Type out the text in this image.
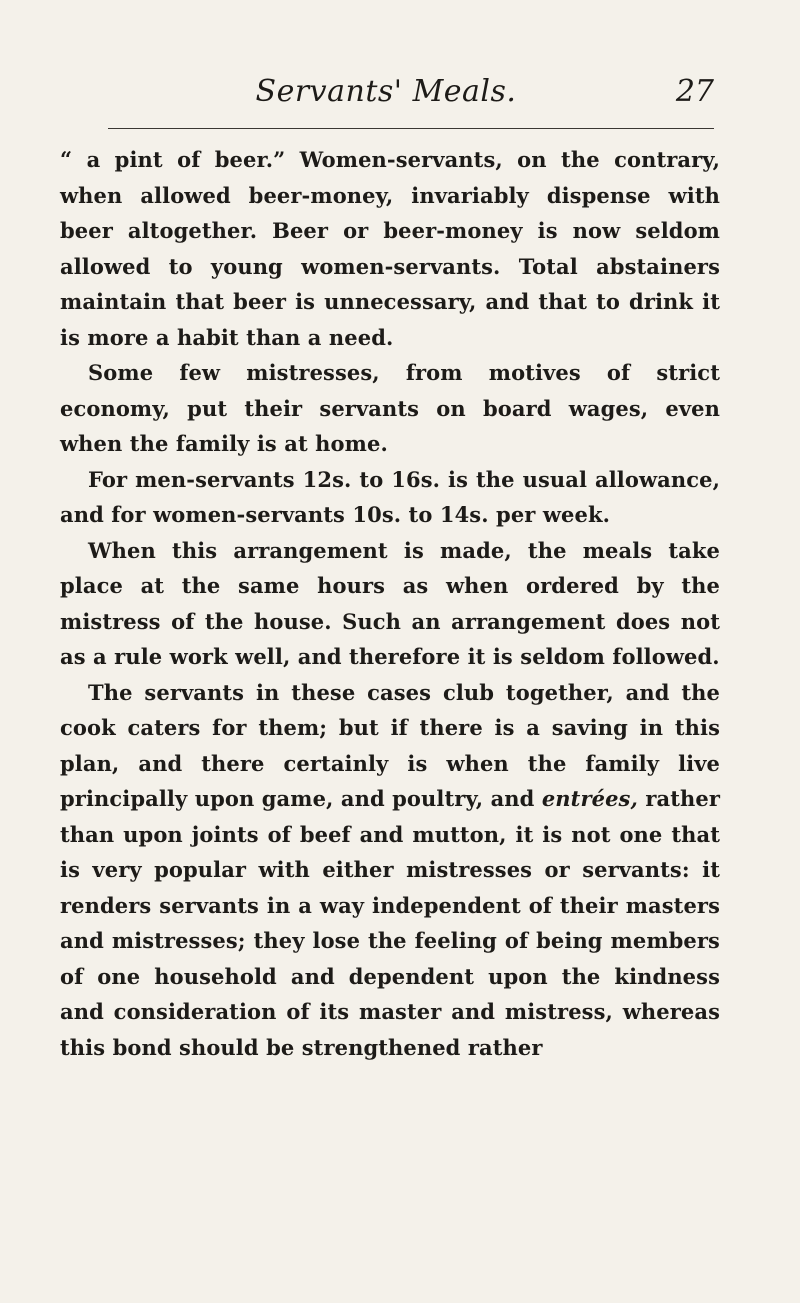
Servants' Meals.	27

“ a pint of beer.” Women-servants, on the contrary, when allowed beer-money, invariably dispense with beer altogether. Beer or beer-money is now seldom allowed to young women-servants. Total abstainers maintain that beer is unnecessary, and that to drink it is more a habit than a need.

Some few mistresses, from motives of strict economy, put their servants on board wages, even when the family is at home.

For men-servants 12s. to 16s. is the usual allowance, and for women-servants 10s. to 14s. per week.

When this arrangement is made, the meals take place at the same hours as when ordered by the mistress of the house. Such an arrangement does not as a rule work well, and therefore it is seldom followed.

The servants in these cases club together, and the cook caters for them; but if there is a saving in this plan, and there certainly is when the family live principally upon game, and poultry, and entrées, rather than upon joints of beef and mutton, it is not one that is very popular with either mistresses or servants: it renders servants in a way independent of their masters and mistresses; they lose the feeling of being members of one household and dependent upon the kindness and consideration of its master and mistress, whereas this bond should be strengthened rather
